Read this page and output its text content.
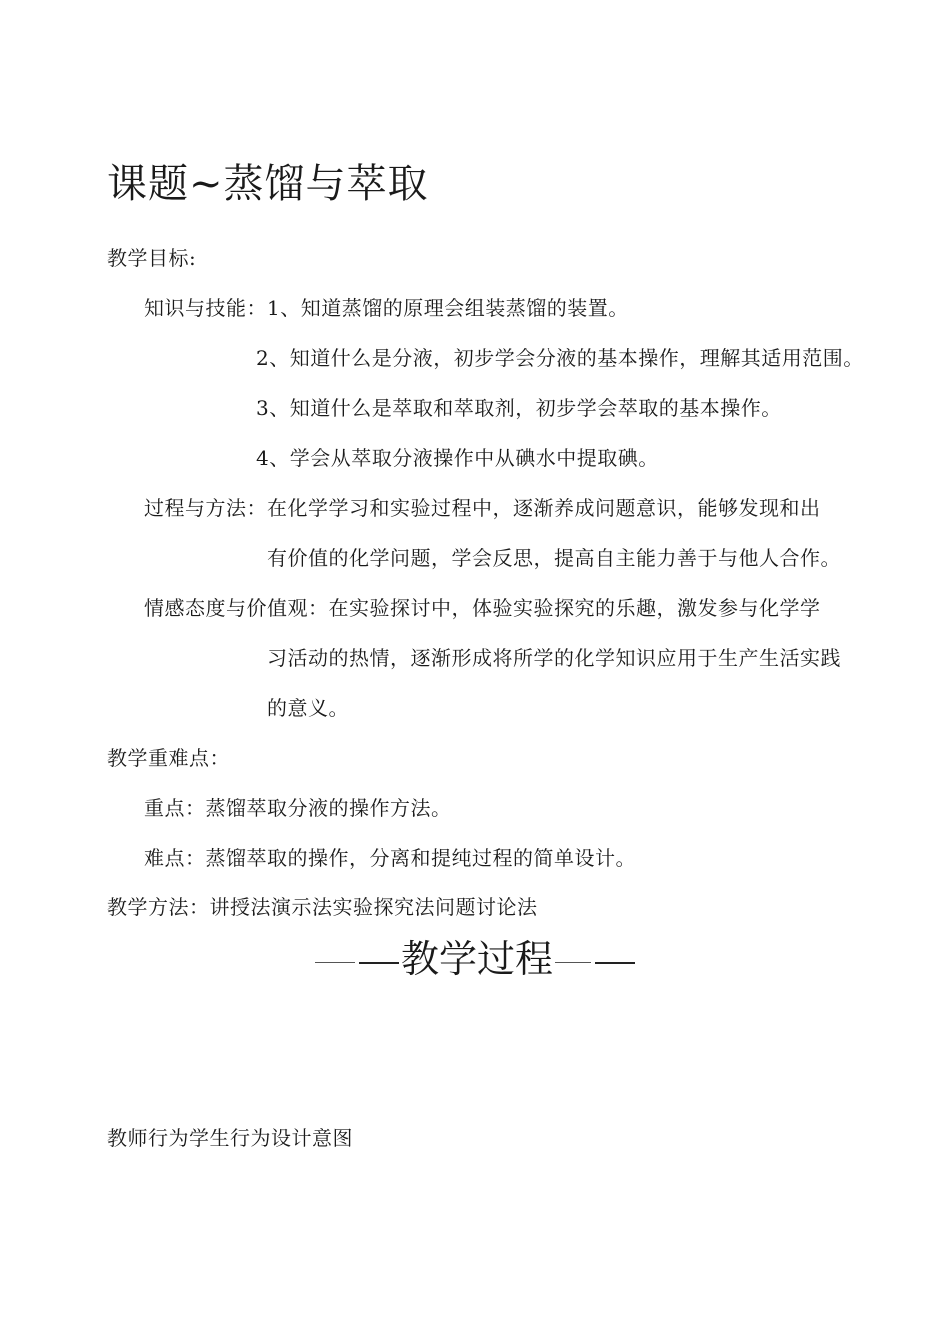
课题~蒸馏与萃取
教学目标:
知识与技能：1、知道蒸馏的原理会组装蒸馏的装置。
2、知道什么是分液，初步学会分液的基本操作，理解其适用范围。
3、知道什么是萃取和萃取剂，初步学会萃取的基本操作。
4、学会从萃取分液操作中从碘水中提取碘。
过程与方法：在化学学习和实验过程中，逐渐养成问题意识，能够发现和出
有价值的化学问题，学会反思，提高自主能力善于与他人合作。
情感态度与价值观：在实验探讨中，体验实验探究的乐趣，激发参与化学学
习活动的热情，逐渐形成将所学的化学知识应用于生产生活实践
的意义。
教学重难点：
重点：蒸馏萃取分液的操作方法。
难点：蒸馏萃取的操作，分离和提纯过程的简单设计。
教学方法：讲授法演示法实验探究法问题讨论法
教学过程
教师行为学生行为设计意图
